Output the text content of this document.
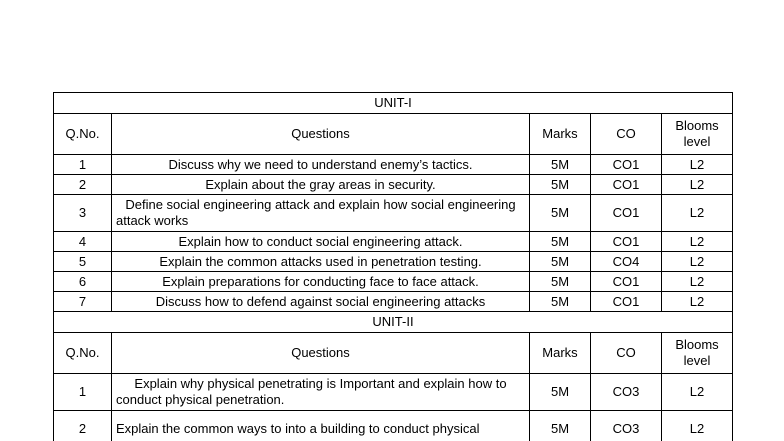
UNIT-I				
Q.No.	Questions	Marks	CO	Blooms level
1	Discuss why we need to understand enemy’s tactics.	5M	CO1	L2
2	Explain about the gray areas in security.	5M	CO1	L2
3	Define social engineering attack and explain how social engineering attack works	5M	CO1	L2
4	Explain how to conduct social engineering attack.	5M	CO1	L2
5	Explain the common attacks used in penetration testing.	5M	CO4	L2
6	Explain preparations for conducting face to face attack.	5M	CO1	L2
7	Discuss how to defend against social engineering attacks	5M	CO1	L2
UNIT-II				
Q.No.	Questions	Marks	CO	Blooms level
1	Explain why physical penetrating is Important and explain how to conduct physical penetration.	5M	CO3	L2
2	Explain the common ways to into a building to conduct physical	5M	CO3	L2
